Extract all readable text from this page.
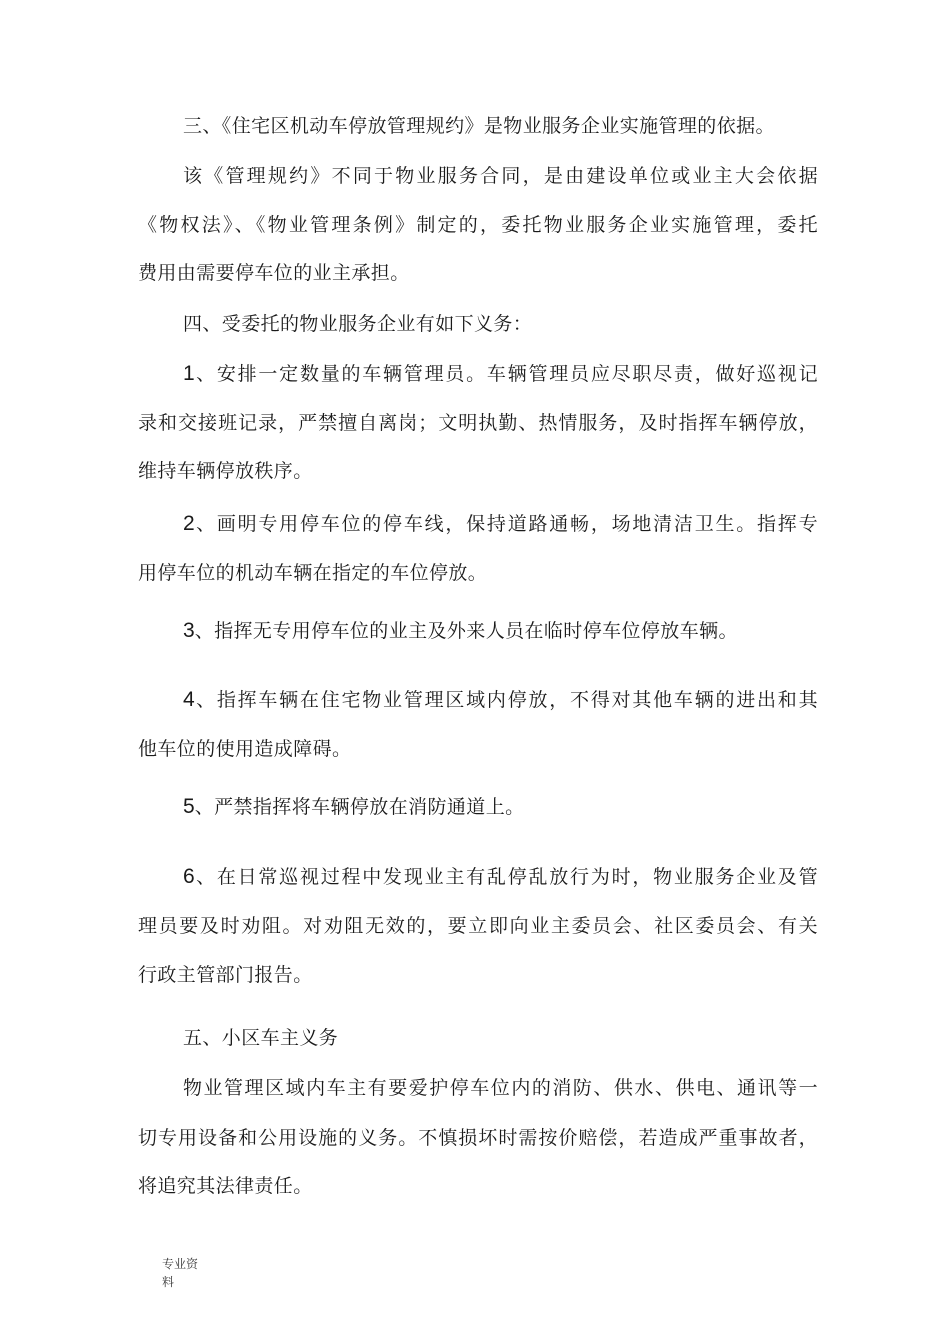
三、《住宅区机动车停放管理规约》是物业服务企业实施管理的依据。
该《管理规约》不同于物业服务合同，是由建设单位或业主大会依据
《物权法》、《物业管理条例》制定的，委托物业服务企业实施管理，委托
费用由需要停车位的业主承担。
四、受委托的物业服务企业有如下义务：
1、安排一定数量的车辆管理员。车辆管理员应尽职尽责，做好巡视记
录和交接班记录，严禁擅自离岗；文明执勤、热情服务，及时指挥车辆停放，
维持车辆停放秩序。
2、画明专用停车位的停车线，保持道路通畅，场地清洁卫生。指挥专
用停车位的机动车辆在指定的车位停放。
3、指挥无专用停车位的业主及外来人员在临时停车位停放车辆。
4、指挥车辆在住宅物业管理区域内停放，不得对其他车辆的进出和其
他车位的使用造成障碍。
5、严禁指挥将车辆停放在消防通道上。
6、在日常巡视过程中发现业主有乱停乱放行为时，物业服务企业及管
理员要及时劝阻。对劝阻无效的，要立即向业主委员会、社区委员会、有关
行政主管部门报告。
五、小区车主义务
物业管理区域内车主有要爱护停车位内的消防、供水、供电、通讯等一
切专用设备和公用设施的义务。不慎损坏时需按价赔偿，若造成严重事故者，
将追究其法律责任。
专业资
料
